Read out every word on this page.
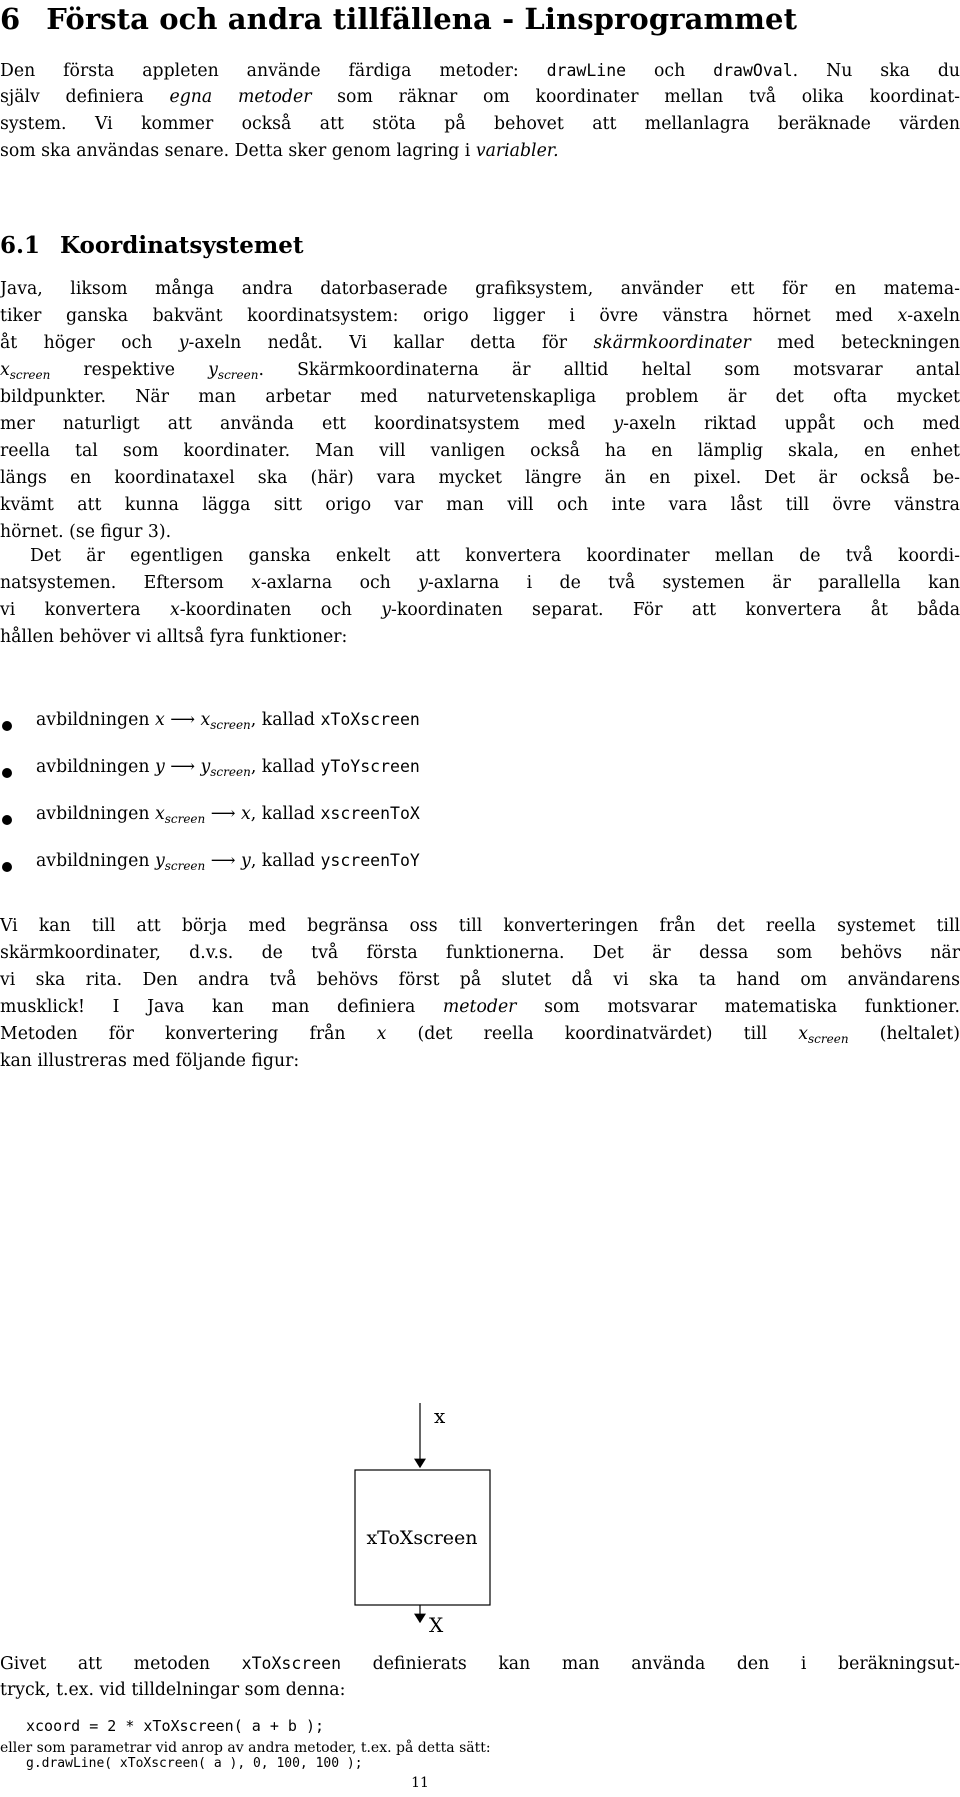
6 Första och andra tillfällena - Linsprogrammet
Den första appleten använde färdiga metoder: drawLine och drawOval. Nu ska du
själv definiera egna metoder som räknar om koordinater mellan två olika koordinat-
system. Vi kommer också att stöta på behovet att mellanlagra beräknade värden
som ska användas senare. Detta sker genom lagring i variabler.
6.1 Koordinatsystemet
Java, liksom många andra datorbaserade grafiksystem, använder ett för en matema-
tiker ganska bakvänt koordinatsystem: origo ligger i övre vänstra hörnet med x-axeln
åt höger och y-axeln nedåt. Vi kallar detta för skärmkoordinater med beteckningen
$x_{screen}$ respektive $y_{screen}$. Skärmkoordinaterna är alltid heltal som motsvarar antal
bildpunkter. När man arbetar med naturvetenskapliga problem är det ofta mycket
mer naturligt att använda ett koordinatsystem med y-axeln riktad uppåt och med
reella tal som koordinater. Man vill vanligen också ha en lämplig skala, en enhet
längs en koordinataxel ska (här) vara mycket längre än en pixel. Det är också be-
kvämt att kunna lägga sitt origo var man vill och inte vara låst till övre vänstra
hörnet. (se figur 3).
Det är egentligen ganska enkelt att konvertera koordinater mellan de två koordi-
natsystemen. Eftersom x-axlarna och y-axlarna i de två systemen är parallella kan
vi konvertera x-koordinaten och y-koordinaten separat. För att konvertera åt båda
hållen behöver vi alltså fyra funktioner:
avbildningen x ⟶ $x_{screen}$, kallad xToXscreen
avbildningen y ⟶ $y_{screen}$, kallad yToYscreen
avbildningen $x_{screen}$ ⟶ x, kallad xscreenToX
avbildningen $y_{screen}$ ⟶ y, kallad yscreenToY
Vi kan till att börja med begränsa oss till konverteringen från det reella systemet till
skärmkoordinater, d.v.s. de två första funktionerna. Det är dessa som behövs när
vi ska rita. Den andra två behövs först på slutet då vi ska ta hand om användarens
musklick! I Java kan man definiera metoder som motsvarar matematiska funktioner.
Metoden för konvertering från x (det reella koordinatvärdet) till $x_{screen}$ (heltalet)
kan illustreras med följande figur:
x
xToXscreen
X
Givet att metoden xToXscreen definierats kan man använda den i beräkningsut-
tryck, t.ex. vid tilldelningar som denna:
xcoord = 2 * xToXscreen( a + b );
eller som parametrar vid anrop av andra metoder, t.ex. på detta sätt:
g.drawLine( xToXscreen( a ), 0, 100, 100 );
11
